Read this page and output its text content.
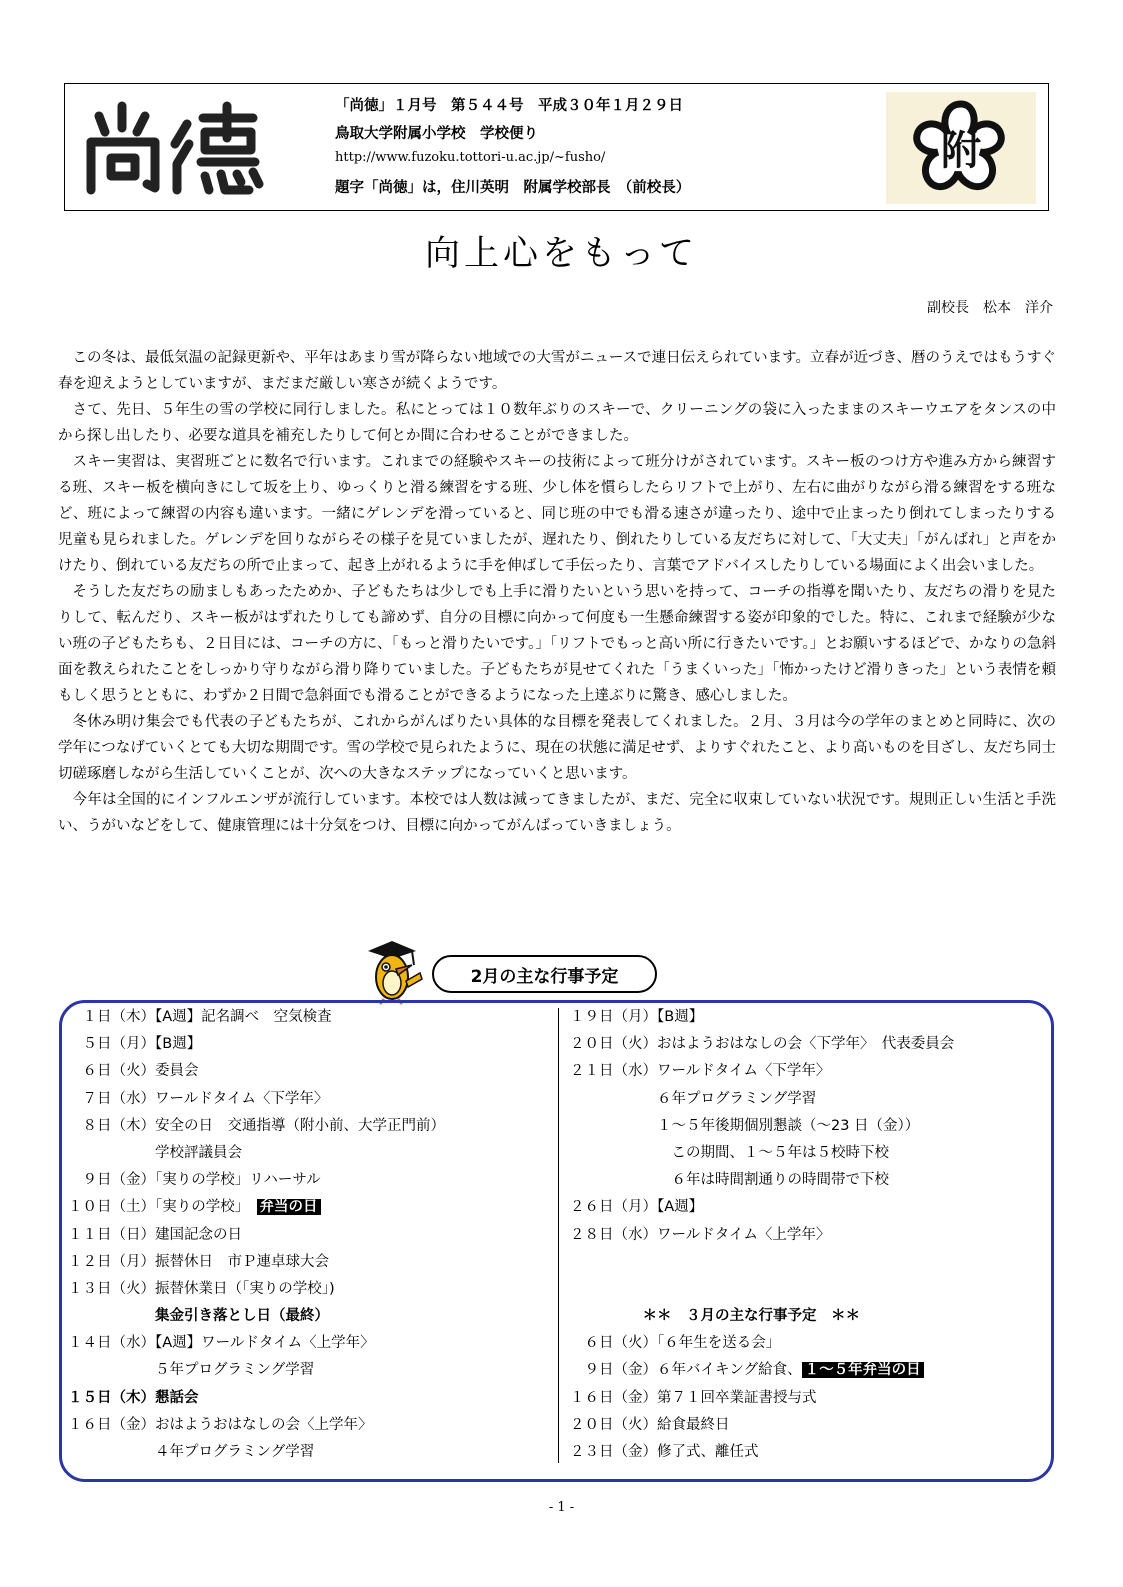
「尚徳」１月号　第５４４号　平成３０年１月２９日
鳥取大学附属小学校　学校便り
http://www.fuzoku.tottori-u.ac.jp/~fusho/
題字「尚徳」は，住川英明　附属学校部長　（前校長）
附
向上心をもって
副校長　松本　洋介

この冬は、最低気温の記録更新や、平年はあまり雪が降らない地域での大雪がニュースで連日伝えられています。立春が近づき、暦のうえではもうすぐ春を迎えようとしていますが、まだまだ厳しい寒さが続くようです。

さて、先日、５年生の雪の学校に同行しました。私にとっては１０数年ぶりのスキーで、クリーニングの袋に入ったままのスキーウエアをタンスの中から探し出したり、必要な道具を補充したりして何とか間に合わせることができました。

スキー実習は、実習班ごとに数名で行います。これまでの経験やスキーの技術によって班分けがされています。スキー板のつけ方や進み方から練習する班、スキー板を横向きにして坂を上り、ゆっくりと滑る練習をする班、少し体を慣らしたらリフトで上がり、左右に曲がりながら滑る練習をする班など、班によって練習の内容も違います。一緒にゲレンデを滑っていると、同じ班の中でも滑る速さが違ったり、途中で止まったり倒れてしまったりする児童も見られました。ゲレンデを回りながらその様子を見ていましたが、遅れたり、倒れたりしている友だちに対して、「大丈夫」「がんばれ」と声をかけたり、倒れている友だちの所で止まって、起き上がれるように手を伸ばして手伝ったり、言葉でアドバイスしたりしている場面によく出会いました。

そうした友だちの励ましもあったためか、子どもたちは少しでも上手に滑りたいという思いを持って、コーチの指導を聞いたり、友だちの滑りを見たりして、転んだり、スキー板がはずれたりしても諦めず、自分の目標に向かって何度も一生懸命練習する姿が印象的でした。特に、これまで経験が少ない班の子どもたちも、２日目には、コーチの方に、「もっと滑りたいです。」「リフトでもっと高い所に行きたいです。」とお願いするほどで、かなりの急斜面を教えられたことをしっかり守りながら滑り降りていました。子どもたちが見せてくれた「うまくいった」「怖かったけど滑りきった」という表情を頼もしく思うとともに、わずか２日間で急斜面でも滑ることができるようになった上達ぶりに驚き、感心しました。

冬休み明け集会でも代表の子どもたちが、これからがんばりたい具体的な目標を発表してくれました。２月、３月は今の学年のまとめと同時に、次の学年につなげていくとても大切な期間です。雪の学校で見られたように、現在の状態に満足せず、よりすぐれたこと、より高いものを目ざし、友だち同士切磋琢磨しながら生活していくことが、次への大きなステップになっていくと思います。

今年は全国的にインフルエンザが流行しています。本校では人数は減ってきましたが、まだ、完全に収束していない状況です。規則正しい生活と手洗い、うがいなどをして、健康管理には十分気をつけ、目標に向かってがんばっていきましょう。

2月の主な行事予定
　１日（木）【A週】記名調べ　空気検査
　５日（月）【B週】
　６日（火）委員会
　７日（水）ワールドタイム〈下学年〉
　８日（木）安全の日　交通指導（附小前、大学正門前）
　　　　　　学校評議員会
　９日（金）「実りの学校」リハーサル
１０日（土）「実りの学校」　弁当の日
１１日（日）建国記念の日
１２日（月）振替休日　市Ｐ連卓球大会
１３日（火）振替休業日（「実りの学校」)
　　　　　　集金引き落とし日（最終）
１４日（水）【A週】ワールドタイム〈上学年〉
　　　　　　５年プログラミング学習
１５日（木）懇話会
１６日（金）おはようおはなしの会〈上学年〉
　　　　　　４年プログラミング学習
１９日（月）【B週】
２０日（火）おはようおはなしの会〈下学年〉　代表委員会
２１日（水）ワールドタイム〈下学年〉
　　　　　　６年プログラミング学習
　　　　　　１～５年後期個別懇談（～23 日（金））
　　　　　　　この期間、１～５年は５校時下校
　　　　　　　６年は時間割通りの時間帯で下校
２６日（月）【A週】
２８日（水）ワールドタイム〈上学年〉
　　　　　＊＊　３月の主な行事予定　＊＊
　６日（火）「６年生を送る会」
　９日（金）６年バイキング給食、 １～５年弁当の日
１６日（金）第７１回卒業証書授与式
２０日（火）給食最終日
２３日（金）修了式、離任式
- 1 -
